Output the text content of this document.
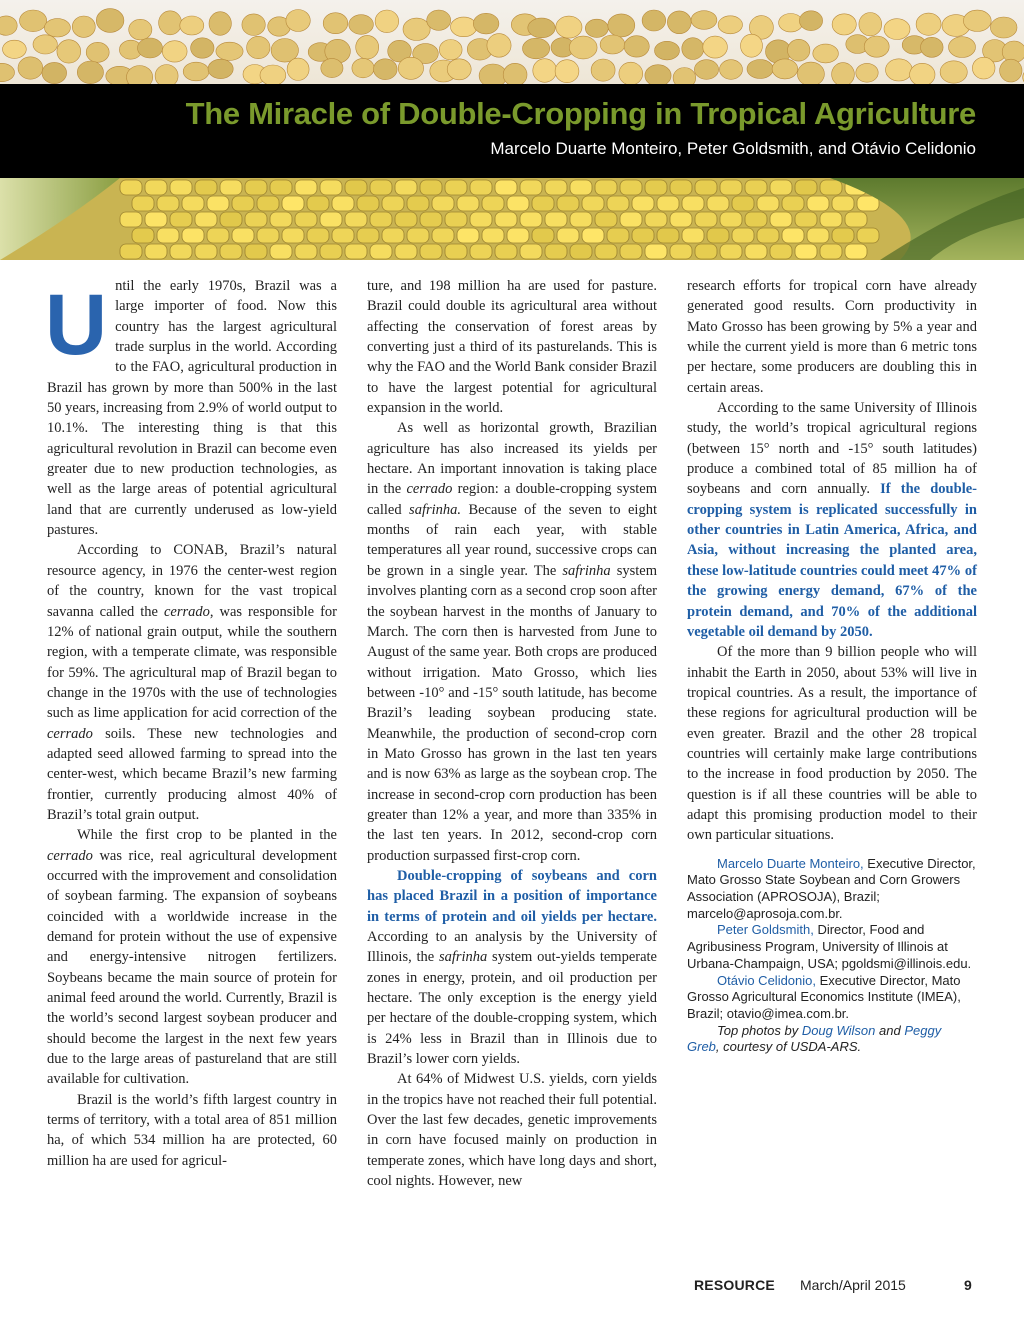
The Miracle of Double-Cropping in Tropical Agriculture

Marcelo Duarte Monteiro, Peter Goldsmith, and Otávio Celidonio

Until the early 1970s, Brazil was a large importer of food. Now this country has the largest agricultural trade surplus in the world. According to the FAO, agricultural production in Brazil has grown by more than 500% in the last 50 years, increasing from 2.9% of world output to 10.1%. The interesting thing is that this agricultural revolution in Brazil can become even greater due to new production technologies, as well as the large areas of potential agricultural land that are currently underused as low-yield pastures.

According to CONAB, Brazil’s natural resource agency, in 1976 the center-west region of the country, known for the vast tropical savanna called the cerrado, was responsible for 12% of national grain output, while the southern region, with a temperate climate, was responsible for 59%. The agricultural map of Brazil began to change in the 1970s with the use of technologies such as lime application for acid correction of the cerrado soils. These new technologies and adapted seed allowed farming to spread into the center-west, which became Brazil’s new farming frontier, currently producing almost 40% of Brazil’s total grain output.

While the first crop to be planted in the cerrado was rice, real agricultural development occurred with the improvement and consolidation of soybean farming. The expansion of soybeans coincided with a worldwide increase in the demand for protein without the use of expensive and energy-intensive nitrogen fertilizers. Soybeans became the main source of protein for animal feed around the world. Currently, Brazil is the world’s second largest soybean producer and should become the largest in the next few years due to the large areas of pastureland that are still available for cultivation.

Brazil is the world’s fifth largest country in terms of territory, with a total area of 851 million ha, of which 534 million ha are protected, 60 million ha are used for agricul-

ture, and 198 million ha are used for pasture. Brazil could double its agricultural area without affecting the conservation of forest areas by converting just a third of its pasturelands. This is why the FAO and the World Bank consider Brazil to have the largest potential for agricultural expansion in the world.

As well as horizontal growth, Brazilian agriculture has also increased its yields per hectare. An important innovation is taking place in the cerrado region: a double-cropping system called safrinha. Because of the seven to eight months of rain each year, with stable temperatures all year round, successive crops can be grown in a single year. The safrinha system involves planting corn as a second crop soon after the soybean harvest in the months of January to March. The corn then is harvested from June to August of the same year. Both crops are produced without irrigation. Mato Grosso, which lies between -10° and -15° south latitude, has become Brazil’s leading soybean producing state. Meanwhile, the production of second-crop corn in Mato Grosso has grown in the last ten years and is now 63% as large as the soybean crop. The increase in second-crop corn production has been greater than 12% a year, and more than 335% in the last ten years. In 2012, second-crop corn production surpassed first-crop corn.

Double-cropping of soybeans and corn has placed Brazil in a position of importance in terms of protein and oil yields per hectare. According to an analysis by the University of Illinois, the safrinha system out-yields temperate zones in energy, protein, and oil production per hectare. The only exception is the energy yield per hectare of the double-cropping system, which is 24% less in Brazil than in Illinois due to Brazil’s lower corn yields.

At 64% of Midwest U.S. yields, corn yields in the tropics have not reached their full potential. Over the last few decades, genetic improvements in corn have focused mainly on production in temperate zones, which have long days and short, cool nights. However, new

research efforts for tropical corn have already generated good results. Corn productivity in Mato Grosso has been growing by 5% a year and while the current yield is more than 6 metric tons per hectare, some producers are doubling this in certain areas.

According to the same University of Illinois study, the world’s tropical agricultural regions (between 15° north and -15° south latitudes) produce a combined total of 85 million ha of soybeans and corn annually. If the double-cropping system is replicated successfully in other countries in Latin America, Africa, and Asia, without increasing the planted area, these low-latitude countries could meet 47% of the growing energy demand, 67% of the protein demand, and 70% of the additional vegetable oil demand by 2050.

Of the more than 9 billion people who will inhabit the Earth in 2050, about 53% will live in tropical countries. As a result, the importance of these regions for agricultural production will be even greater. Brazil and the other 28 tropical countries will certainly make large contributions to the increase in food production by 2050. The question is if all these countries will be able to adapt this promising production model to their own particular situations.

Marcelo Duarte Monteiro, Executive Director, Mato Grosso State Soybean and Corn Growers Association (APROSOJA), Brazil; marcelo@aprosoja.com.br.

Peter Goldsmith, Director, Food and Agribusiness Program, University of Illinois at Urbana-Champaign, USA; pgoldsmi@illinois.edu.

Otávio Celidonio, Executive Director, Mato Grosso Agricultural Economics Institute (IMEA), Brazil; otavio@imea.com.br.

Top photos by Doug Wilson and Peggy Greb, courtesy of USDA-ARS.

RESOURCE March/April 2015	9
